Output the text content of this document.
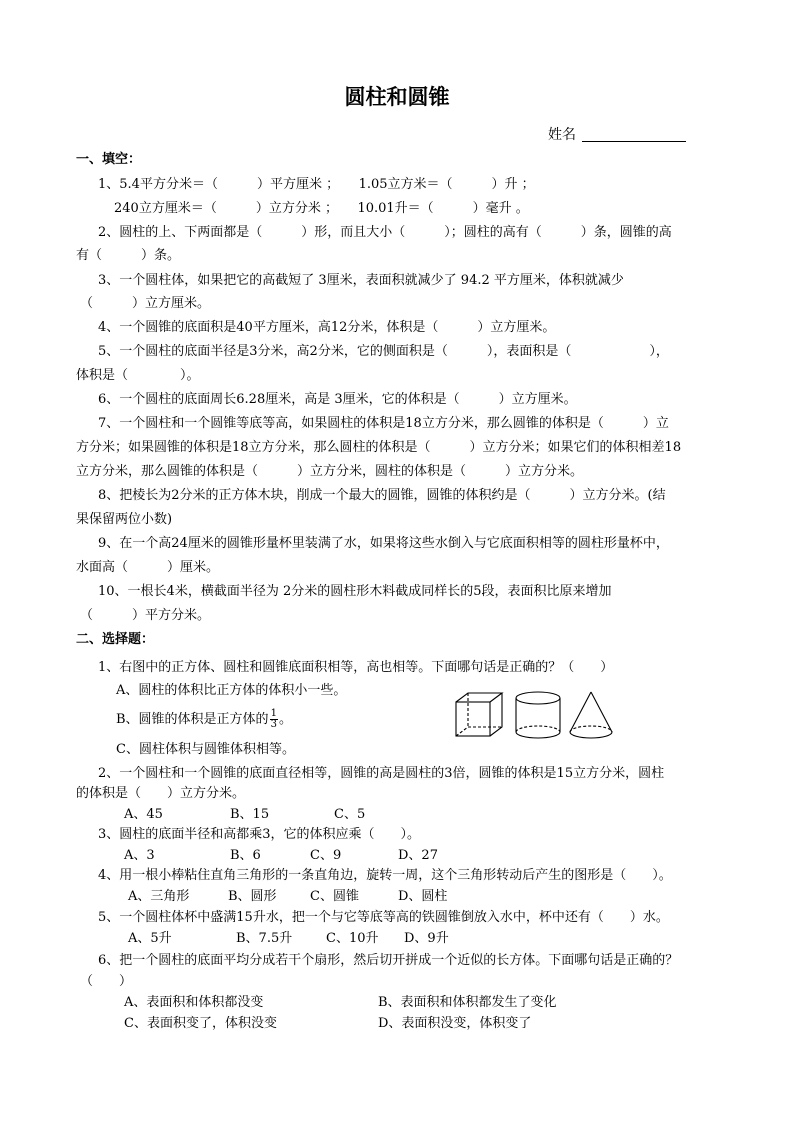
圆柱和圆锥
姓名
一、填空：
1、5.4平方分米＝（　　　）平方厘米 ；　　1.05立方米＝（　　　）升 ；
240立方厘米＝（　　　）立方分米 ；　　10.01升＝（　　　）毫升 。
2、圆柱的上、下两面都是（　　　）形，而且大小（　　　）；圆柱的高有（　　　）条，圆锥的高
有（　　　）条。
3、一个圆柱体，如果把它的高截短了 3厘米，表面积就减少了 94.2 平方厘米，体积就减少
（　　　）立方厘米。
4、一个圆锥的底面积是40平方厘米，高12分米，体积是（　　　）立方厘米。
5、一个圆柱的底面半径是3分米，高2分米，它的侧面积是（　　　），表面积是（　　　　　　），
体积是（　　　　）。
6、一个圆柱的底面周长6.28厘米，高是 3厘米，它的体积是（　　　）立方厘米。
7、一个圆柱和一个圆锥等底等高，如果圆柱的体积是18立方分米，那么圆锥的体积是（　　　）立
方分米；如果圆锥的体积是18立方分米，那么圆柱的体积是（　　　）立方分米；如果它们的体积相差18
立方分米，那么圆锥的体积是（　　　）立方分米，圆柱的体积是（　　　）立方分米。
8、把棱长为2分米的正方体木块，削成一个最大的圆锥，圆锥的体积约是（　　　）立方分米。(结
果保留两位小数)
9、在一个高24厘米的圆锥形量杯里装满了水，如果将这些水倒入与它底面积相等的圆柱形量杯中，
水面高（　　　）厘米。
10、一根长4米，横截面半径为 2分米的圆柱形木料截成同样长的5段，表面积比原来增加
（　　　）平方分米。
二、选择题：
1、右图中的正方体、圆柱和圆锥底面积相等，高也相等。下面哪句话是正确的？（　　）
A、圆柱的体积比正方体的体积小一些。
B、圆锥的体积是正方体的 $\frac{1}{3}$ 。
C、圆柱体积与圆锥体积相等。
2、一个圆柱和一个圆锥的底面直径相等，圆锥的高是圆柱的3倍，圆锥的体积是15立方分米，圆柱
的体积是（　　）立方分米。
A、45	B、15	C、5
3、圆柱的底面半径和高都乘3，它的体积应乘（　　）。
A、3	B、6	C、9	D、27
4、用一根小棒粘住直角三角形的一条直角边，旋转一周，这个三角形转动后产生的图形是（　　）。
A、三角形	B、圆形	C、圆锥	D、圆柱
5、一个圆柱体杯中盛满15升水，把一个与它等底等高的铁圆锥倒放入水中，杯中还有（　　）水。
A、5升	B、7.5升	C、10升 D、9升
6、把一个圆柱的底面平均分成若干个扇形，然后切开拼成一个近似的长方体。下面哪句话是正确的？
（　　）
A、表面积和体积都没变	B、表面积和体积都发生了变化
C、表面积变了，体积没变	D、表面积没变，体积变了
